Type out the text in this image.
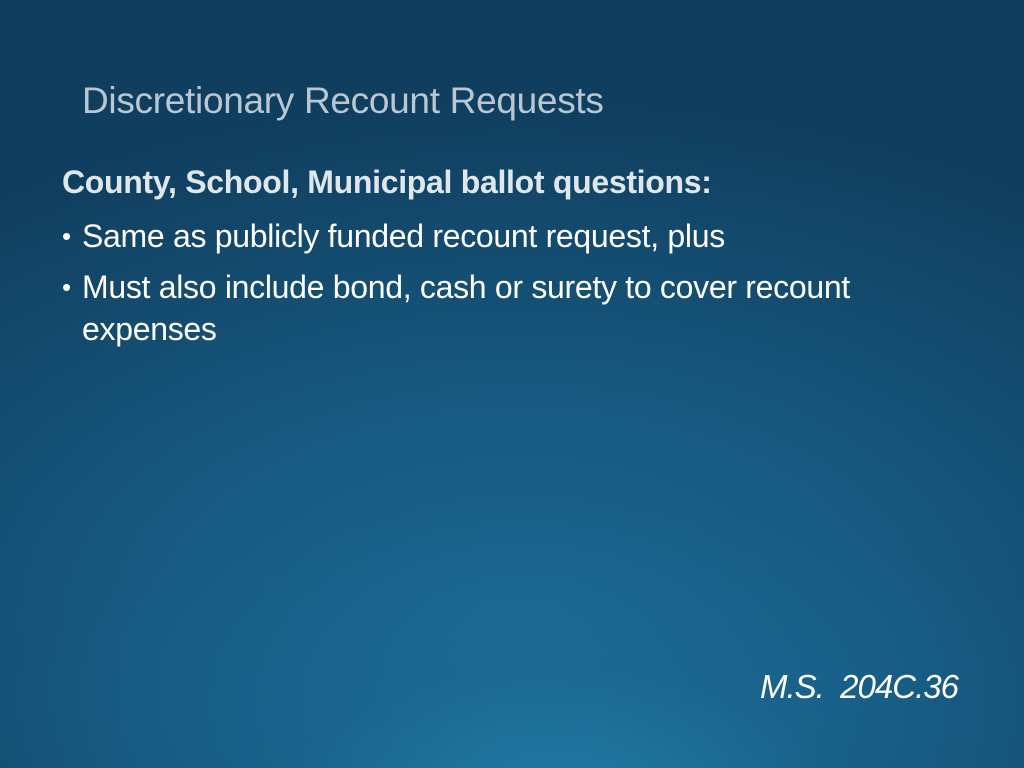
Discretionary Recount Requests
County, School, Municipal ballot questions:
• Same as publicly funded recount request, plus
• Must also include bond, cash or surety to cover recount expenses
M.S.  204C.36
